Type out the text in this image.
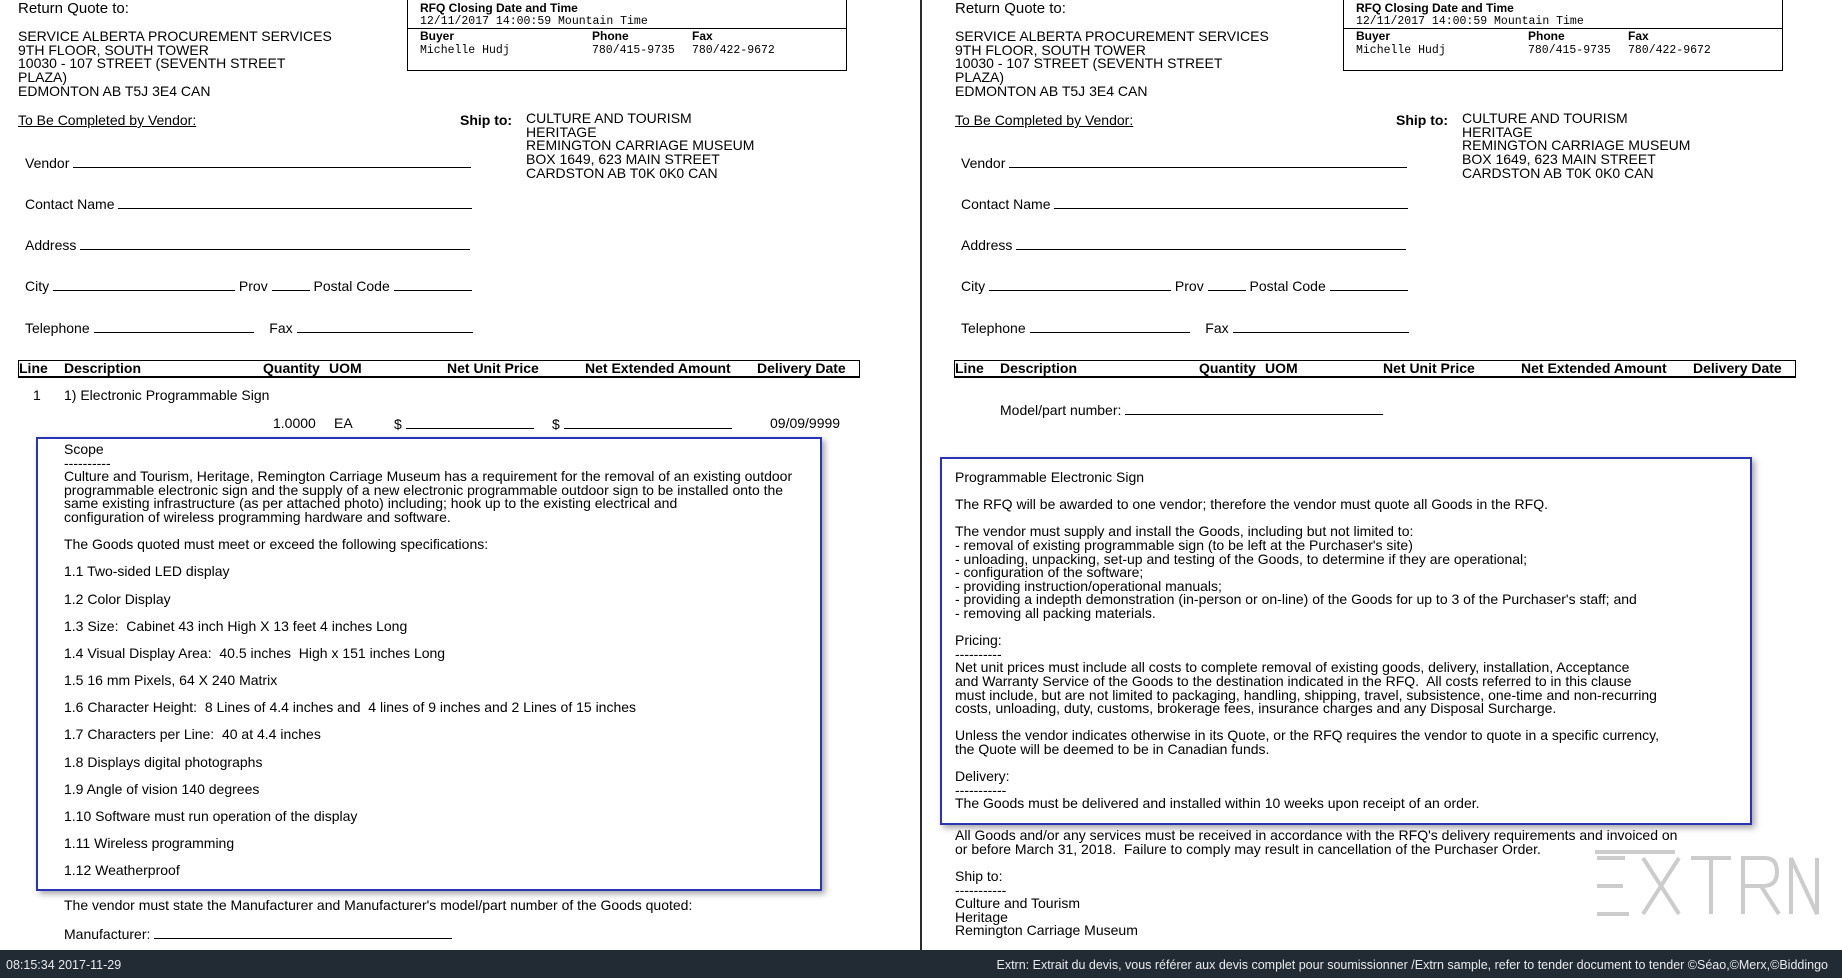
Return Quote to:
SERVICE ALBERTA PROCUREMENT SERVICES
9TH FLOOR, SOUTH TOWER
10030 - 107 STREET (SEVENTH STREET
PLAZA)
EDMONTON AB T5J 3E4 CAN
RFQ Closing Date and Time
12/11/2017 14:00:59 Mountain Time
Buyer	Phone	Fax
Michelle Hudj	780/415-9735 780/422-9672
To Be Completed by Vendor:	Ship to: CULTURE AND TOURISM
HERITAGE
REMINGTON CARRIAGE MUSEUM
BOX 1649, 623 MAIN STREET
CARDSTON AB T0K 0K0 CAN
Vendor
Contact Name
Address
City	Prov	Postal Code
Telephone	Fax
Line Description	Quantity UOM	Net Unit Price	Net Extended Amount Delivery Date
1 1) Electronic Programmable Sign
1.0000 EA	$	$	09/09/9999
Scope
----------
Culture and Tourism, Heritage, Remington Carriage Museum has a requirement for the removal of an existing outdoor
programmable electronic sign and the supply of a new electronic programmable outdoor sign to be installed onto the
same existing infrastructure (as per attached photo) including; hook up to the existing electrical and
configuration of wireless programming hardware and software.

The Goods quoted must meet or exceed the following specifications:

1.1 Two-sided LED display

1.2 Color Display

1.3 Size:  Cabinet 43 inch High X 13 feet 4 inches Long

1.4 Visual Display Area:  40.5 inches  High x 151 inches Long

1.5 16 mm Pixels, 64 X 240 Matrix

1.6 Character Height:  8 Lines of 4.4 inches and  4 lines of 9 inches and 2 Lines of 15 inches

1.7 Characters per Line:  40 at 4.4 inches

1.8 Displays digital photographs

1.9 Angle of vision 140 degrees

1.10 Software must run operation of the display

1.11 Wireless programming

1.12 Weatherproof
The vendor must state the Manufacturer and Manufacturer's model/part number of the Goods quoted:
Manufacturer:
Return Quote to:
SERVICE ALBERTA PROCUREMENT SERVICES
9TH FLOOR, SOUTH TOWER
10030 - 107 STREET (SEVENTH STREET
PLAZA)
EDMONTON AB T5J 3E4 CAN
RFQ Closing Date and Time
12/11/2017 14:00:59 Mountain Time
Buyer	Phone	Fax
Michelle Hudj	780/415-9735 780/422-9672
To Be Completed by Vendor:	Ship to: CULTURE AND TOURISM
HERITAGE
REMINGTON CARRIAGE MUSEUM
BOX 1649, 623 MAIN STREET
CARDSTON AB T0K 0K0 CAN
Vendor
Contact Name
Address
City	Prov	Postal Code
Telephone	Fax
Line Description	Quantity UOM	Net Unit Price	Net Extended Amount Delivery Date
Model/part number:
Programmable Electronic Sign

The RFQ will be awarded to one vendor; therefore the vendor must quote all Goods in the RFQ.

The vendor must supply and install the Goods, including but not limited to:
- removal of existing programmable sign (to be left at the Purchaser's site)
- unloading, unpacking, set-up and testing of the Goods, to determine if they are operational;
- configuration of the software;
- providing instruction/operational manuals;
- providing a indepth demonstration (in-person or on-line) of the Goods for up to 3 of the Purchaser's staff; and
- removing all packing materials.

Pricing:
----------
Net unit prices must include all costs to complete removal of existing goods, delivery, installation, Acceptance
and Warranty Service of the Goods to the destination indicated in the RFQ.  All costs referred to in this clause
must include, but are not limited to packaging, handling, shipping, travel, subsistence, one-time and non-recurring
costs, unloading, duty, customs, brokerage fees, insurance charges and any Disposal Surcharge.

Unless the vendor indicates otherwise in its Quote, or the RFQ requires the vendor to quote in a specific currency,
the Quote will be deemed to be in Canadian funds.

Delivery:
-----------
The Goods must be delivered and installed within 10 weeks upon receipt of an order.
All Goods and/or any services must be received in accordance with the RFQ's delivery requirements and invoiced on
or before March 31, 2018.  Failure to comply may result in cancellation of the Purchaser Order.
Ship to:
-----------
Culture and Tourism
Heritage
Remington Carriage Museum
08:15:34 2017-11-29	Extrn: Extrait du devis, vous référer aux devis complet pour soumissionner /Extrn sample, refer to tender document to tender ©Séao,©Merx,©Biddingo
